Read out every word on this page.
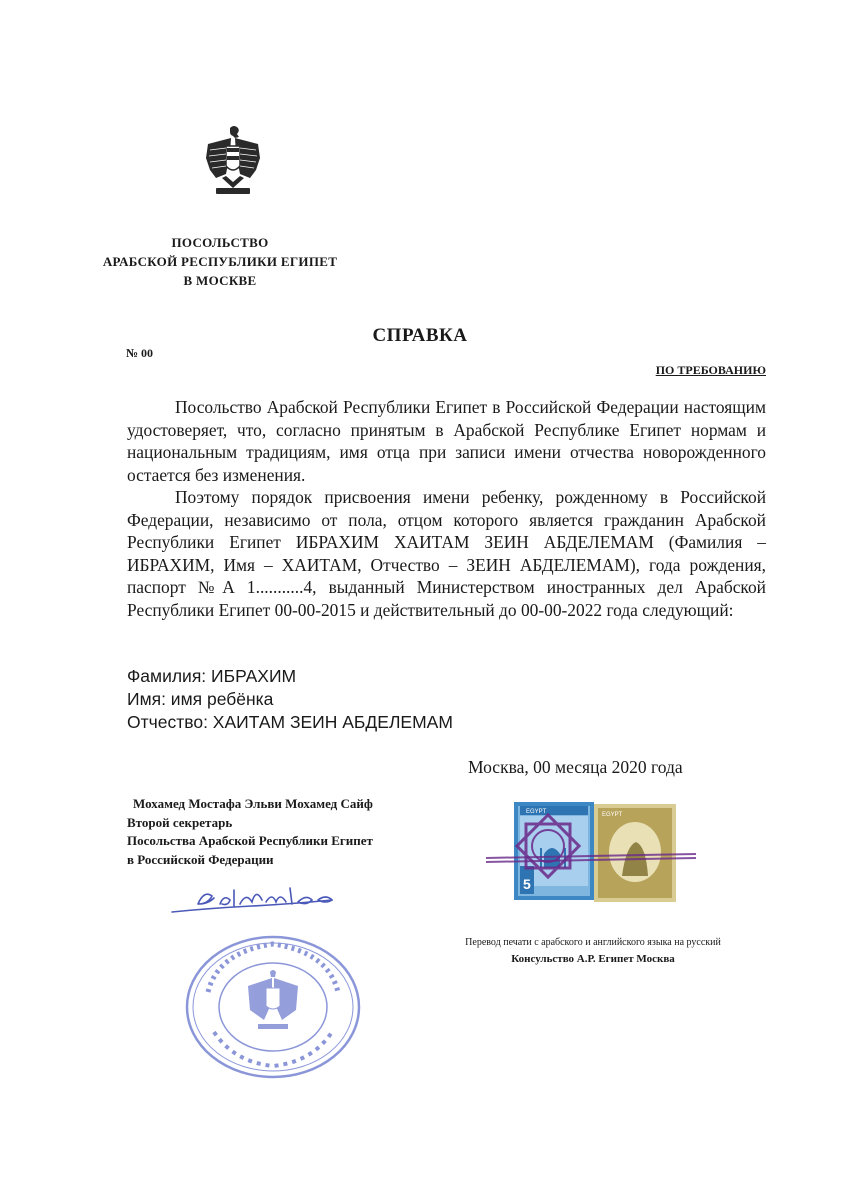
ПОСОЛЬСТВО
АРАБСКОЙ РЕСПУБЛИКИ ЕГИПЕТ
В МОСКВЕ
СПРАВКА
№ 00
ПО ТРЕБОВАНИЮ

Посольство Арабской Республики Египет в Российской Федерации настоящим удостоверяет, что, согласно принятым в Арабской Республике Египет нормам и национальным традициям, имя отца при записи имени отчества новорожденного остается без изменения.

Поэтому порядок присвоения имени ребенку, рожденному в Российской Федерации, независимо от пола, отцом которого является гражданин Арабской Республики Египет ИБРАХИМ ХАИТАМ ЗЕИН АБДЕЛЕМАМ (Фамилия – ИБРАХИМ, Имя – ХАИТАМ, Отчество – ЗЕИН АБДЕЛЕМАМ), года рождения, паспорт №А 1...........4, выданный Министерством иностранных дел Арабской Республики Египет 00-00-2015 и действительный до 00-00-2022 года следующий:

Фамилия: ИБРАХИМ
Имя: имя ребёнка
Отчество: ХАИТАМ ЗЕИН АБДЕЛЕМАМ
Москва, 00 месяца 2020 года
Мохамед Мостафа Эльви Мохамед Сайф
Второй секретарь
Посольства Арабской Республики Египет
в Российской Федерации
EGYPT
5
EGYPT
Перевод печати с арабского и английского языка на русский
Консульство А.Р. Египет Москва
